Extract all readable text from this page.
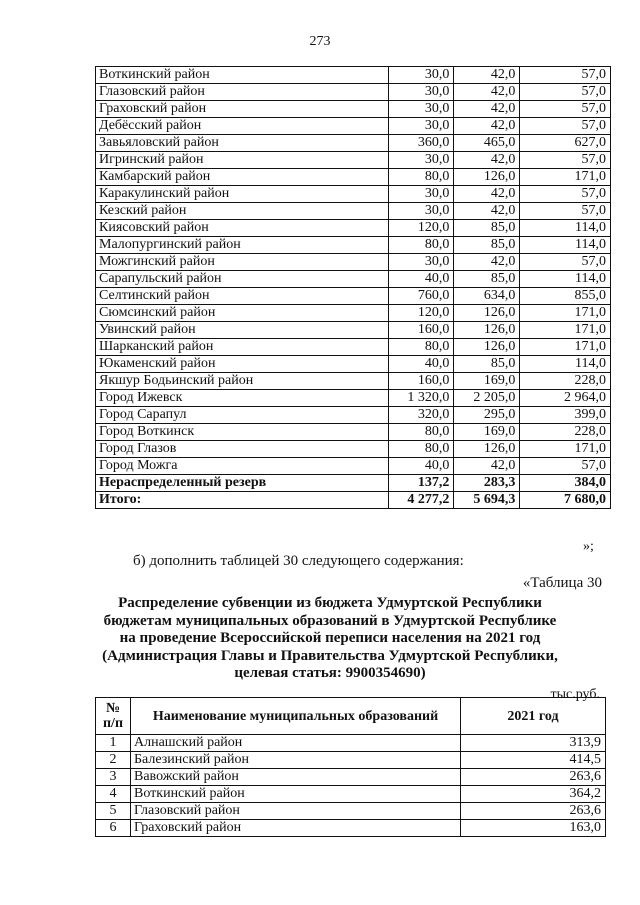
273
Воткинский район	30,0	42,0	57,0
Глазовский район	30,0	42,0	57,0
Граховский район	30,0	42,0	57,0
Дебёсский район	30,0	42,0	57,0
Завьяловский район	360,0	465,0	627,0
Игринский район	30,0	42,0	57,0
Камбарский район	80,0	126,0	171,0
Каракулинский район	30,0	42,0	57,0
Кезский район	30,0	42,0	57,0
Киясовский район	120,0	85,0	114,0
Малопургинский район	80,0	85,0	114,0
Можгинский район	30,0	42,0	57,0
Сарапульский район	40,0	85,0	114,0
Селтинский район	760,0	634,0	855,0
Сюмсинский район	120,0	126,0	171,0
Увинский район	160,0	126,0	171,0
Шарканский район	80,0	126,0	171,0
Юкаменский район	40,0	85,0	114,0
Якшур Бодьинский район	160,0	169,0	228,0
Город Ижевск	1 320,0	2 205,0	2 964,0
Город Сарапул	320,0	295,0	399,0
Город Воткинск	80,0	169,0	228,0
Город Глазов	80,0	126,0	171,0
Город Можга	40,0	42,0	57,0
Нераспределенный резерв	137,2	283,3	384,0
Итого:	4 277,2	5 694,3	7 680,0
»;
б) дополнить таблицей 30 следующего содержания:
«Таблица 30
Распределение субвенции из бюджета Удмуртской Республики
бюджетам муниципальных образований в Удмуртской Республике
на проведение Всероссийской переписи населения на 2021 год
(Администрация Главы и Правительства Удмуртской Республики,
целевая статья: 9900354690)
тыс.руб.
№ п/п	Наименование муниципальных образований	2021 год
1	Алнашский район	313,9
2	Балезинский район	414,5
3	Вавожский район	263,6
4	Воткинский район	364,2
5	Глазовский район	263,6
6	Граховский район	163,0
